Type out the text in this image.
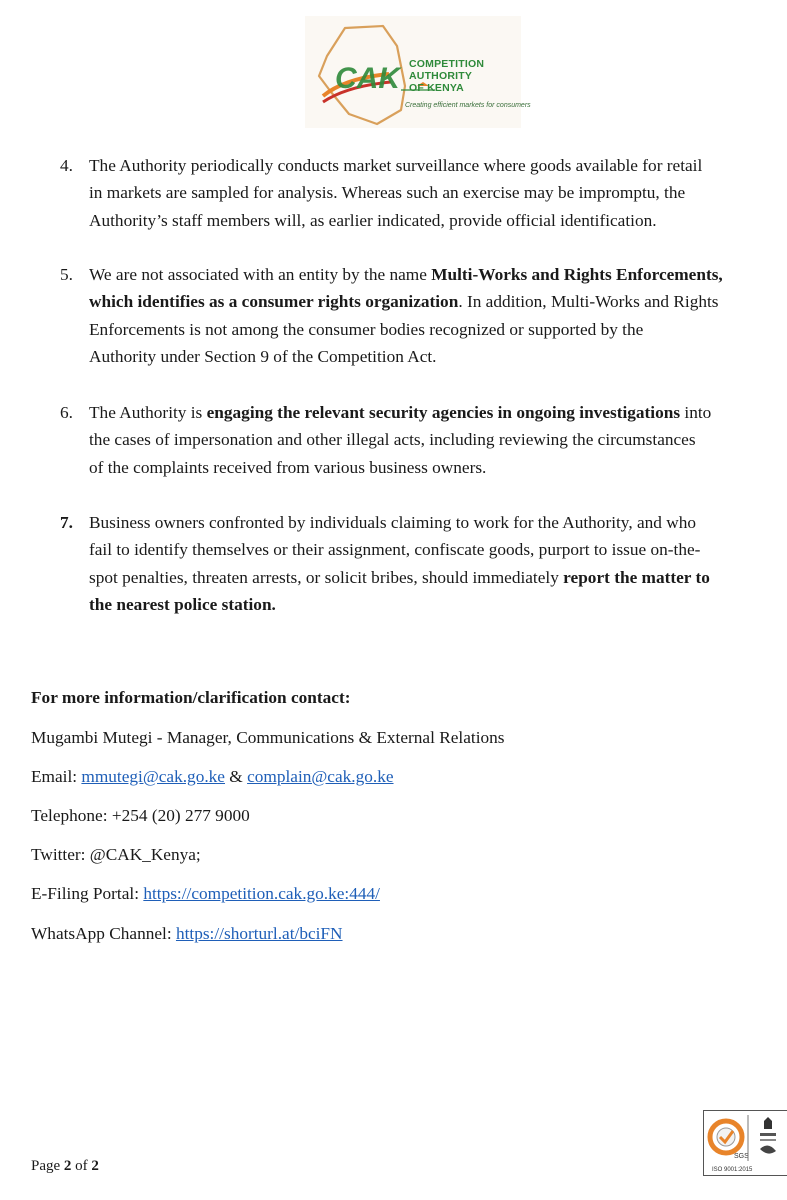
CAK COMPETITION
AUTHORITY
OF KENYA
Creating efficient markets for consumers
4. The Authority periodically conducts market surveillance where goods available for retail
in markets are sampled for analysis. Whereas such an exercise may be impromptu, the
Authority’s staff members will, as earlier indicated, provide official identification.
5. We are not associated with an entity by the name Multi-Works and Rights Enforcements,
which identifies as a consumer rights organization. In addition, Multi-Works and Rights
Enforcements is not among the consumer bodies recognized or supported by the
Authority under Section 9 of the Competition Act.
6. The Authority is engaging the relevant security agencies in ongoing investigations into
the cases of impersonation and other illegal acts, including reviewing the circumstances
of the complaints received from various business owners.
7. Business owners confronted by individuals claiming to work for the Authority, and who
fail to identify themselves or their assignment, confiscate goods, purport to issue on-the-
spot penalties, threaten arrests, or solicit bribes, should immediately report the matter to
the nearest police station.
For more information/clarification contact:
Mugambi Mutegi - Manager, Communications & External Relations
Email: mmutegi@cak.go.ke & complain@cak.go.ke
Telephone: +254 (20) 277 9000
Twitter: @CAK_Kenya;
E-Filing Portal: https://competition.cak.go.ke:444/
WhatsApp Channel: https://shorturl.at/bciFN
SGS
ISO 9001:2015
Page 2 of 2
